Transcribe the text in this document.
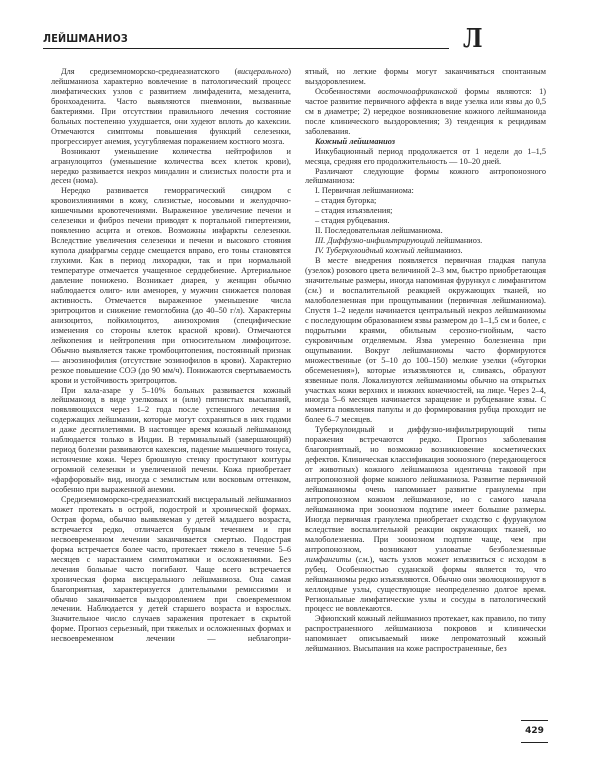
ЛЕЙШМАНИОЗ	Л

Для средиземноморско-среднеазиатского (висцерального) лейшманиоза характерно вовлечение в патологический процесс лимфатических узлов с развитием лимфаденита, мезаденита, бронхоаденита. Часто выявляются пневмонии, вызванные бактериями. При отсутствии правильного лечения состояние больных постепенно ухудшается, они худеют вплоть до кахексии. Отмечаются симптомы повышения функций селезенки, прогрессирует анемия, усугубляемая поражением костного мозга.

Возникают уменьшение количества нейтрофилов и агранулоцитоз (уменьшение количества всех клеток крови), нередко развивается некроз миндалин и слизистых полости рта и десен (нома).

Нередко развивается геморрагический синдром с кровоизлияниями в кожу, слизистые, носовыми и желудочно-кишечными кровотечениями. Выраженное увеличение печени и селезенки и фиброз печени приводят к портальной гипертензии, появлению асцита и отеков. Возможны инфаркты селезенки. Вследствие увеличения селезенки и печени и высокого стояния купола диафрагмы сердце смещается вправо, его тоны становятся глухими. Как в период лихорадки, так и при нормальной температуре отмечается учащенное сердцебиение. Артериальное давление понижено. Возникает диарея, у женщин обычно наблюдается олиго- или аменорея, у мужчин снижается половая активность. Отмечается выраженное уменьшение числа эритроцитов и снижение гемоглобина (до 40–50 г/л). Характерны анизоцитоз, пойкилоцитоз, анизохромия (специфические изменения со стороны клеток красной крови). Отмечаются лейкопения и нейтропения при относительном лимфоцитозе. Обычно выявляется также тромбоцитопения, постоянный признак — анэозинофилия (отсутствие эозинофилов в крови). Характерно резкое повышение СОЭ (до 90 мм/ч). Понижаются свертываемость крови и устойчивость эритроцитов.

При кала-азаре у 5–10% больных развивается кожный лейшманоид в виде узелковых и (или) пятнистых высыпаний, появляющихся через 1–2 года после успешного лечения и содержащих лейшмании, которые могут сохраняться в них годами и даже десятилетиями. В настоящее время кожный лейшманоид наблюдается только в Индии. В терминальный (завершающий) период болезни развиваются кахексия, падение мышечного тонуса, истончение кожи. Через брюшную стенку проступают контуры огромной селезенки и увеличенной печени. Кожа приобретает «фарфоровый» вид, иногда с землистым или восковым оттенком, особенно при выраженной анемии.

Средиземноморско-среднеазиатский висцеральный лейшманиоз может протекать в острой, подострой и хронической формах. Острая форма, обычно выявляемая у детей младшего возраста, встречается редко, отличается бурным течением и при несвоевременном лечении заканчивается смертью. Подострая форма встречается более часто, протекает тяжело в течение 5–6 месяцев с нарастанием симптоматики и осложнениями. Без лечения больные часто погибают. Чаще всего встречается хроническая форма висцерального лейшманиоза. Она самая благоприятная, характеризуется длительными ремиссиями и обычно заканчивается выздоровлением при своевременном лечении. Наблюдается у детей старшего возраста и взрослых. Значительное число случаев заражения протекает в скрытой форме. Прогноз серьезный, при тяжелых и осложненных формах и несвоевременном лечении — неблагопри-

ятный, но легкие формы могут заканчиваться спонтанным выздоровлением.

Особенностями восточноафриканской формы являются: 1) частое развитие первичного аффекта в виде узелка или язвы до 0,5 см в диаметре; 2) нередкое возникновение кожного лейшманоида после клинического выздоровления; 3) тенденция к рецидивам заболевания.

Кожный лейшманиоз

Инкубационный период продолжается от 1 недели до 1–1,5 месяца, средняя его продолжительность — 10–20 дней.

Различают следующие формы кожного антропонозного лейшманиоза:

I. Первичная лейшманиома:

– стадия бугорка;

– стадия изъязвления;

– стадия рубцевания.

II. Последовательная лейшманиома.

III. Диффузно-инфильтрирующий лейшманиоз.

IV. Туберкулоидный кожный лейшманиоз.

В месте внедрения появляется первичная гладкая папула (узелок) розового цвета величиной 2–3 мм, быстро приобретающая значительные размеры, иногда напоминая фурункул с лимфангитом (см.) и воспалительной реакцией окружающих тканей, но малоболезненная при прощупывании (первичная лейшманиома). Спустя 1–2 недели начинается центральный некроз лейшманиомы с последующим образованием язвы размером до 1–1,5 см и более, с подрытыми краями, обильным серозно-гнойным, часто сукровичным отделяемым. Язва умеренно болезненна при ощупывании. Вокруг лейшманиомы часто формируются множественные (от 5–10 до 100–150) мелкие узелки («бугорки обсеменения»), которые изъязвляются и, сливаясь, образуют язвенные поля. Локализуются лейшманиомы обычно на открытых участках кожи верхних и нижних конечностей, на лице. Через 2–4, иногда 5–6 месяцев начинается заращение и рубцевание язвы. С момента появления папулы и до формирования рубца проходит не более 6–7 месяцев.

Туберкулоидный и диффузно-инфильтрирующий типы поражения встречаются редко. Прогноз заболевания благоприятный, но возможно возникновение косметических дефектов. Клиническая классификация зоонозного (передающегося от животных) кожного лейшманиоза идентична таковой при антропонозной форме кожного лейшманиоза. Развитие первичной лейшманиомы очень напоминает развитие гранулемы при антропонозном кожном лейшманиозе, но с самого начала лейшманиома при зоонозном подтипе имеет большие размеры. Иногда первичная гранулема приобретает сходство с фурункулом вследствие воспалительной реакции окружающих тканей, но малоболезненна. При зоонозном подтипе чаще, чем при антропонозном, возникают узловатые безболезненные лимфангиты (см.), часть узлов может изъязвиться с исходом в рубец. Особенностью суданской формы является то, что лейшманиомы редко изъязвляются. Обычно они эволюционируют в келлоидные узлы, существующие неопределенно долгое время. Региональные лимфатические узлы и сосуды в патологический процесс не вовлекаются.

Эфиопский кожный лейшманиоз протекает, как правило, по типу распространенного лейшманиоза покровов и клинически напоминает описываемый ниже лепроматозный кожный лейшманиоз. Высыпания на коже распространенные, без

429
